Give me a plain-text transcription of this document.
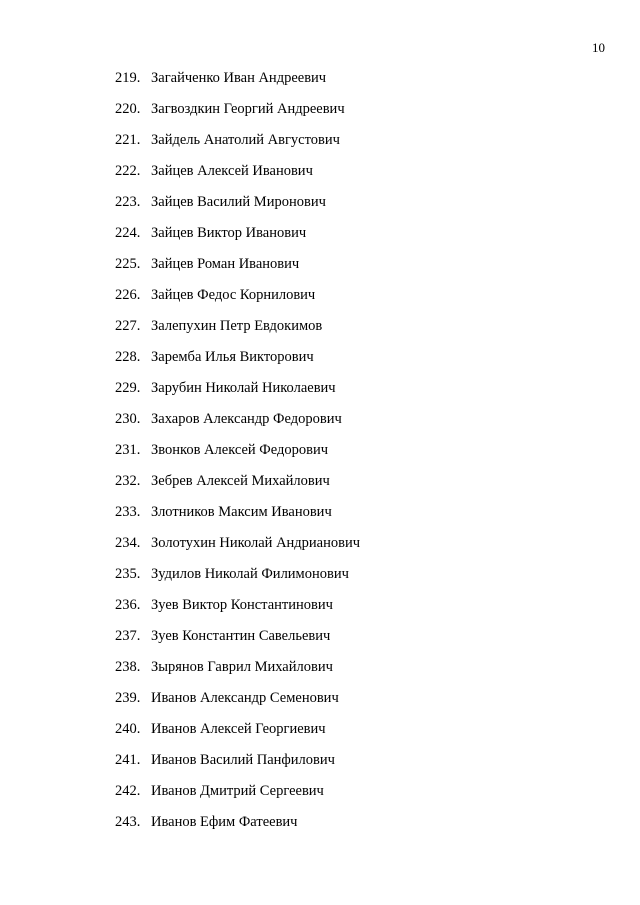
10
219. Загайченко Иван Андреевич
220. Загвоздкин Георгий Андреевич
221. Зайдель Анатолий Августович
222. Зайцев Алексей Иванович
223. Зайцев Василий Миронович
224. Зайцев Виктор Иванович
225. Зайцев Роман Иванович
226. Зайцев Федос Корнилович
227. Залепухин Петр Евдокимов
228. Заремба Илья Викторович
229. Зарубин Николай Николаевич
230. Захаров Александр Федорович
231. Звонков Алексей Федорович
232. Зебрев Алексей Михайлович
233. Злотников Максим Иванович
234. Золотухин Николай Андрианович
235. Зудилов Николай Филимонович
236. Зуев Виктор Константинович
237. Зуев Константин Савельевич
238. Зырянов Гаврил Михайлович
239. Иванов Александр Семенович
240. Иванов Алексей Георгиевич
241. Иванов Василий Панфилович
242. Иванов Дмитрий Сергеевич
243. Иванов Ефим Фатеевич
